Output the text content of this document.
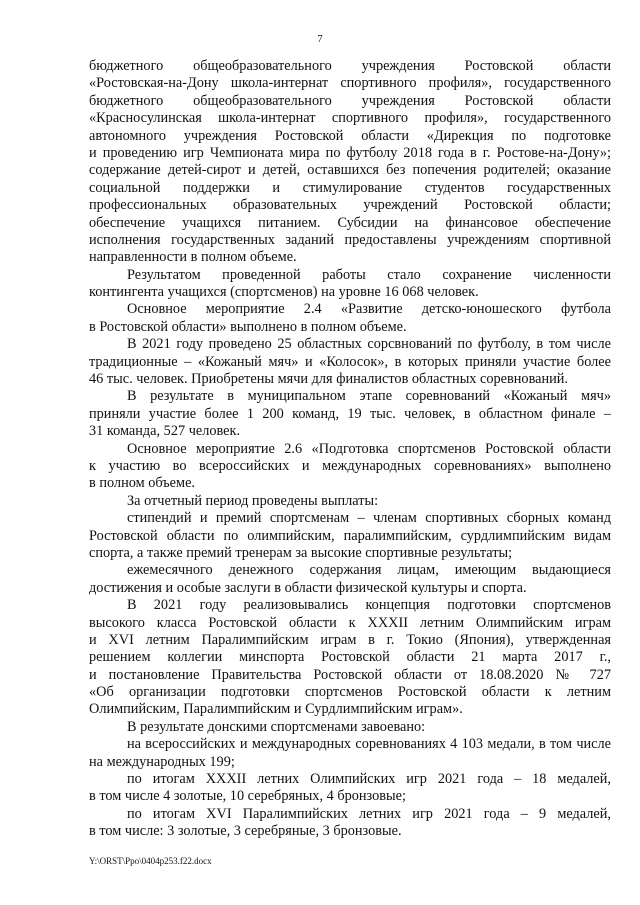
7
бюджетного общеобразовательного учреждения Ростовской области
«Ростовская-на-Дону школа-интернат спортивного профиля», государственного
бюджетного общеобразовательного учреждения Ростовской области
«Красносулинская школа-интернат спортивного профиля», государственного
автономного учреждения Ростовской области «Дирекция по подготовке
и проведению игр Чемпионата мира по футболу 2018 года в г. Ростове-на-Дону»;
содержание детей-сирот и детей, оставшихся без попечения родителей; оказание
социальной поддержки и стимулирование студентов государственных
профессиональных образовательных учреждений Ростовской области;
обеспечение учащихся питанием. Субсидии на финансовое обеспечение
исполнения государственных заданий предоставлены учреждениям спортивной
направленности в полном объеме.
Результатом проведенной работы стало сохранение численности
контингента учащихся (спортсменов) на уровне 16 068 человек.
Основное мероприятие 2.4 «Развитие детско-юношеского футбола
в Ростовской области» выполнено в полном объеме.
В 2021 году проведено 25 областных сорсвнований по футболу, в том числе
традиционные – «Кожаный мяч» и «Колосок», в которых приняли участие более
46 тыс. человек. Приобретены мячи для финалистов областных соревнований.
В результате в муниципальном этапе соревнований «Кожаный мяч»
приняли участие более 1 200 команд, 19 тыс. человек, в областном финале –
31 команда, 527 человек.
Основное мероприятие 2.6 «Подготовка спортсменов Ростовской области
к участию во всероссийских и международных соревнованиях» выполнено
в полном объеме.
За отчетный период проведены выплаты:
стипендий и премий спортсменам – членам спортивных сборных команд
Ростовской области по олимпийским, паралимпийским, сурдлимпийским видам
спорта, а также премий тренерам за высокие спортивные результаты;
ежемесячного денежного содержания лицам, имеющим выдающиеся
достижения и особые заслуги в области физической культуры и спорта.
В 2021 году реализовывались концепция подготовки спортсменов
высокого класса Ростовской области к ХХХII летним Олимпийским играм
и XVI летним Паралимпийским играм в г. Токио (Япония), утвержденная
решением коллегии минспорта Ростовской области 21 марта 2017 г.,
и постановление Правительства Ростовской области от 18.08.2020 № 727
«Об организации подготовки спортсменов Ростовской области к летним
Олимпийским, Паралимпийским и Сурдлимпийским играм».
В результате донскими спортсменами завоевано:
на всероссийских и международных соревнованиях 4 103 медали, в том числе
на международных 199;
по итогам ХХХII летних Олимпийских игр 2021 года – 18 медалей,
в том числе 4 золотые, 10 серебряных, 4 бронзовые;
по итогам XVI Паралимпийских летних игр 2021 года – 9 медалей,
в том числе: 3 золотые, 3 серебряные, 3 бронзовые.
Y:\ORST\Ppo\0404p253.f22.docx
